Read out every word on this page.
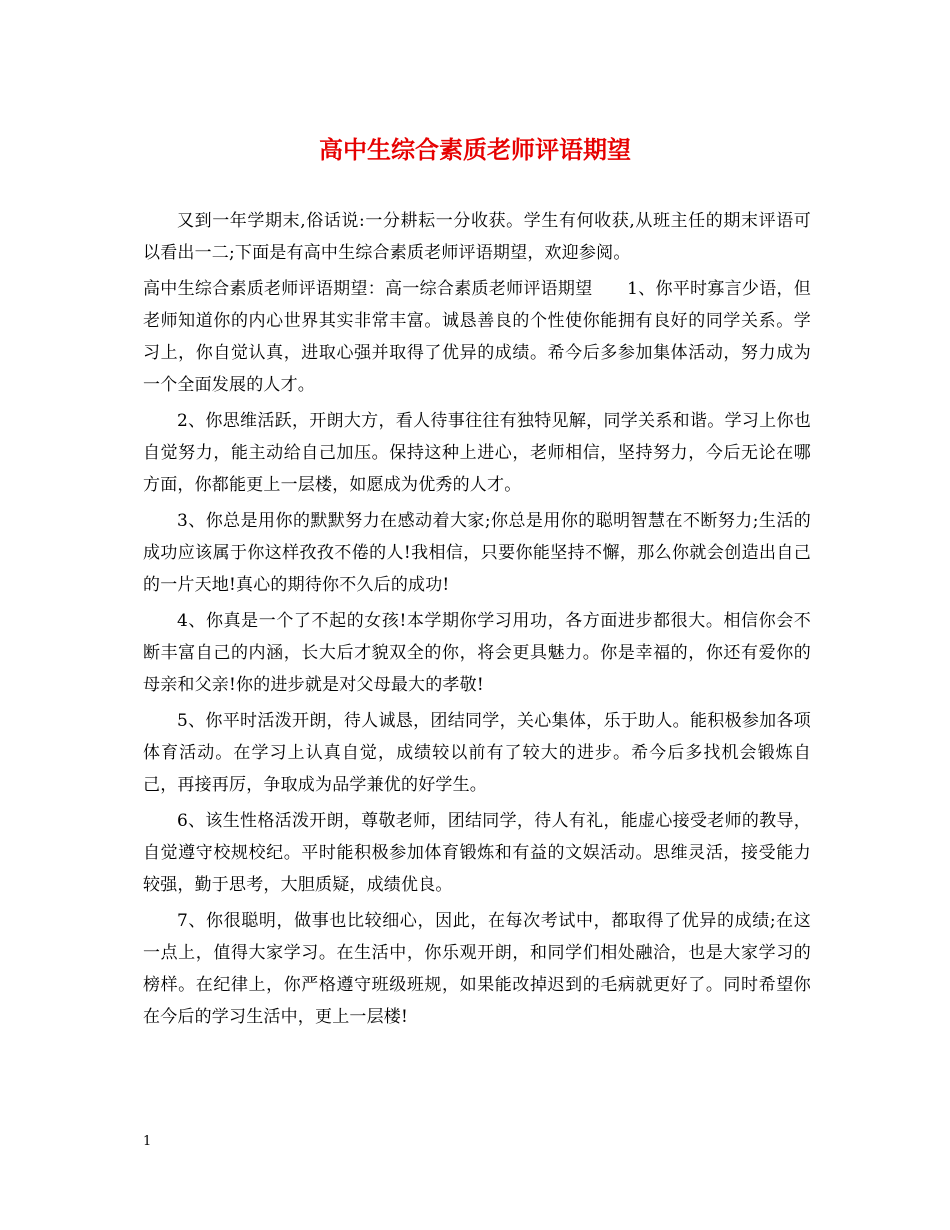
高中生综合素质老师评语期望

又到一年学期末,俗话说:一分耕耘一分收获。学生有何收获,从班主任的期末评语可以看出一二;下面是有高中生综合素质老师评语期望，欢迎参阅。

高中生综合素质老师评语期望：高一综合素质老师评语期望　　1、你平时寡言少语，但老师知道你的内心世界其实非常丰富。诚恳善良的个性使你能拥有良好的同学关系。学习上，你自觉认真，进取心强并取得了优异的成绩。希今后多参加集体活动，努力成为一个全面发展的人才。

2、你思维活跃，开朗大方，看人待事往往有独特见解，同学关系和谐。学习上你也自觉努力，能主动给自己加压。保持这种上进心，老师相信，坚持努力，今后无论在哪方面，你都能更上一层楼，如愿成为优秀的人才。

3、你总是用你的默默努力在感动着大家;你总是用你的聪明智慧在不断努力;生活的成功应该属于你这样孜孜不倦的人!我相信，只要你能坚持不懈，那么你就会创造出自己的一片天地!真心的期待你不久后的成功!

4、你真是一个了不起的女孩!本学期你学习用功，各方面进步都很大。相信你会不断丰富自己的内涵，长大后才貌双全的你，将会更具魅力。你是幸福的，你还有爱你的母亲和父亲!你的进步就是对父母最大的孝敬!

5、你平时活泼开朗，待人诚恳，团结同学，关心集体，乐于助人。能积极参加各项体育活动。在学习上认真自觉，成绩较以前有了较大的进步。希今后多找机会锻炼自己，再接再厉，争取成为品学兼优的好学生。

6、该生性格活泼开朗，尊敬老师，团结同学，待人有礼，能虚心接受老师的教导，自觉遵守校规校纪。平时能积极参加体育锻炼和有益的文娱活动。思维灵活，接受能力较强，勤于思考，大胆质疑，成绩优良。

7、你很聪明，做事也比较细心，因此，在每次考试中，都取得了优异的成绩;在这一点上，值得大家学习。在生活中，你乐观开朗，和同学们相处融洽，也是大家学习的榜样。在纪律上，你严格遵守班级班规，如果能改掉迟到的毛病就更好了。同时希望你在今后的学习生活中，更上一层楼!

1
